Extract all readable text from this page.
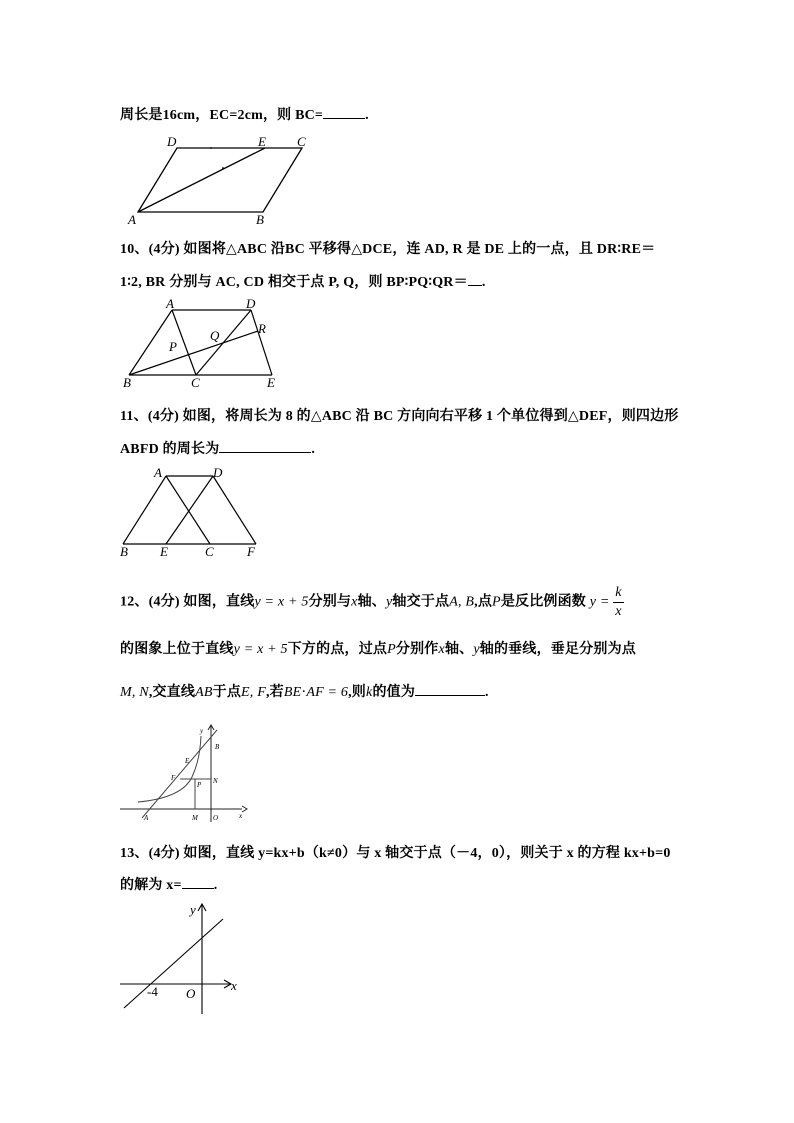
周长是16cm，EC=2cm，则 BC=	.
D	E C
A	B
10、(4分) 如图将△ABC 沿BC 平移得△DCE，连 AD, R 是 DE 上的一点，且 DR∶RE＝
1∶2, BR 分别与 AC, CD 相交于点 P, Q，则 BP∶PQ∶QR＝ .
A	D
R
Q
P
B	C	E
11、(4分) 如图，将周长为 8 的△ABC 沿 BC 方向向右平移 1 个单位得到△DEF，则四边形
ABFD 的周长为	.
A	D
B E	C	F
12、(4分) 如图，直线y = x + 5分别与x轴、y轴交于点A, B,点P是反比例函数 $y = \frac{k}{x}$
的图象上位于直线y = x + 5下方的点，过点P分别作x轴、y轴的垂线，垂足分别为点
M, N,交直线AB于点E, F,若BE⋅AF = 6,则k的值为	.
y
B
E
F
P N
A	M O	x
13、(4分) 如图，直线 y=kx+b（k≠0）与 x 轴交于点（－4，0），则关于 x 的方程 kx+b=0
的解为 x= .
y
x
-4 O
